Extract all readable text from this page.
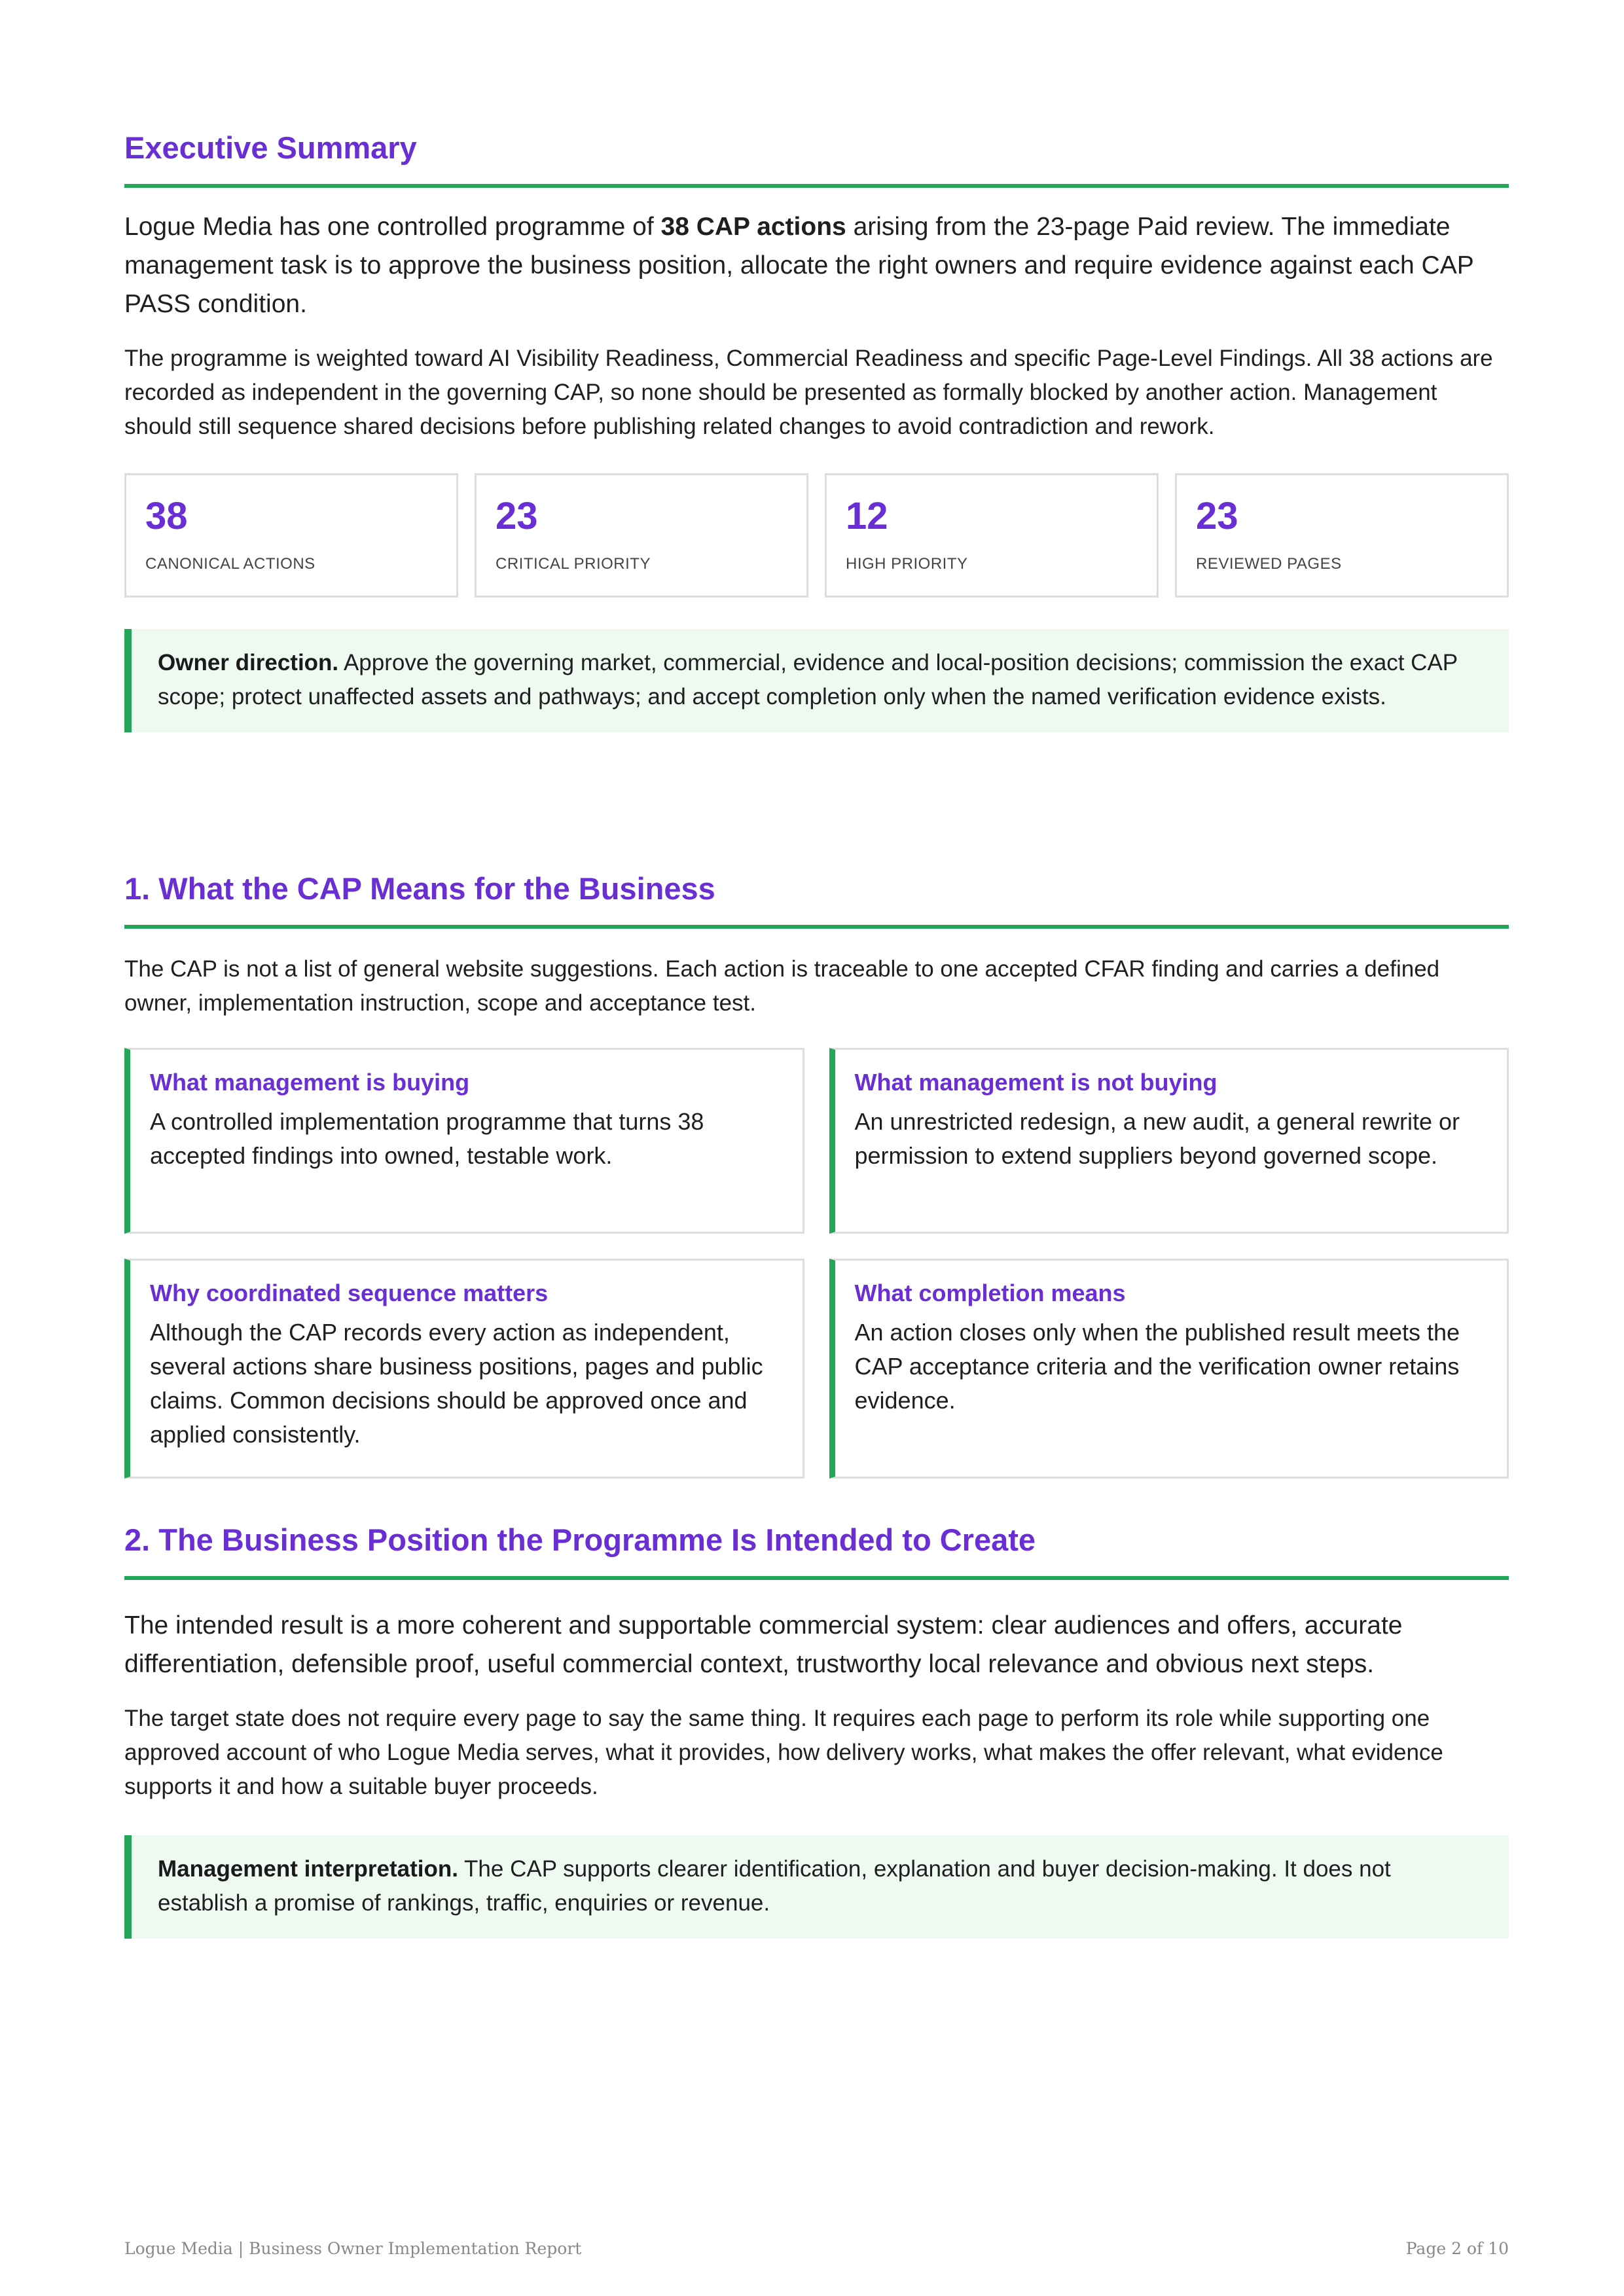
Executive Summary

Logue Media has one controlled programme of 38 CAP actions arising from the 23-page Paid review. The immediate management task is to approve the business position, allocate the right owners and require evidence against each CAP PASS condition.

The programme is weighted toward AI Visibility Readiness, Commercial Readiness and specific Page-Level Findings. All 38 actions are recorded as independent in the governing CAP, so none should be presented as formally blocked by another action. Management should still sequence shared decisions before publishing related changes to avoid contradiction and rework.

38
CANONICAL ACTIONS
23
CRITICAL PRIORITY
12
HIGH PRIORITY
23
REVIEWED PAGES
Owner direction. Approve the governing market, commercial, evidence and local-position decisions; commission the exact CAP scope; protect unaffected assets and pathways; and accept completion only when the named verification evidence exists.
1. What the CAP Means for the Business

The CAP is not a list of general website suggestions. Each action is traceable to one accepted CFAR finding and carries a defined owner, implementation instruction, scope and acceptance test.

What management is buying
A controlled implementation programme that turns 38 accepted findings into owned, testable work.
What management is not buying
An unrestricted redesign, a new audit, a general rewrite or permission to extend suppliers beyond governed scope.
Why coordinated sequence matters
Although the CAP records every action as independent, several actions share business positions, pages and public claims. Common decisions should be approved once and applied consistently.
What completion means
An action closes only when the published result meets the CAP acceptance criteria and the verification owner retains evidence.
2. The Business Position the Programme Is Intended to Create

The intended result is a more coherent and supportable commercial system: clear audiences and offers, accurate differentiation, defensible proof, useful commercial context, trustworthy local relevance and obvious next steps.

The target state does not require every page to say the same thing. It requires each page to perform its role while supporting one approved account of who Logue Media serves, what it provides, how delivery works, what makes the offer relevant, what evidence supports it and how a suitable buyer proceeds.

Management interpretation. The CAP supports clearer identification, explanation and buyer decision-making. It does not establish a promise of rankings, traffic, enquiries or revenue.
Logue Media | Business Owner Implementation Report	Page 2 of 10
